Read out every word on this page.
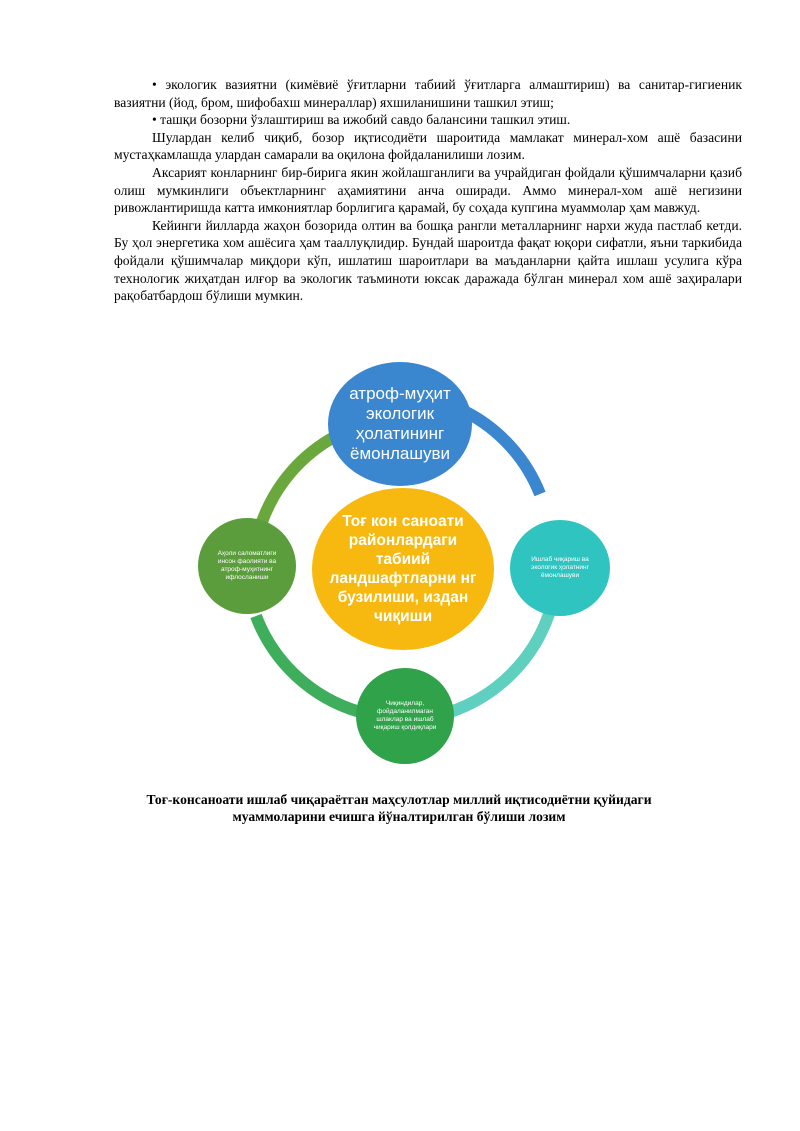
• экологик вазиятни (кимёвиё ўғитларни табиий ўғитларга алмаштириш) ва санитар-гигиеник вазиятни (йод, бром, шифобахш минераллар) яхшиланишини ташкил этиш;

• ташқи бозорни ўзлаштириш ва ижобий савдо балансини ташкил этиш.

Шулардан келиб чиқиб, бозор иқтисодиёти шароитида мамлакат минерал-хом ашё базасини мустаҳкамлашда улардан самарали ва оқилона фойдаланилиши лозим.

Аксарият конларнинг бир-бирига якин жойлашганлиги ва учрайдиган фойдали қўшимчаларни қазиб олиш мумкинлиги объектларнинг аҳамиятини анча оширади. Аммо минерал-хом ашё негизини ривожлантиришда катта имкониятлар борлигига қарамай, бу соҳада купгина муаммолар ҳам мавжуд.

Кейинги йилларда жаҳон бозорида олтин ва бошқа рангли металларнинг нархи жуда пастлаб кетди. Бу ҳол энергетика хом ашёсига ҳам тааллуқлидир. Бундай шароитда фақат юқори сифатли, яъни таркибида фойдали қўшимчалар миқдори кўп, ишлатиш шароитлари ва маъданларни қайта ишлаш усулига кўра технологик жиҳатдан илғор ва экологик таъминоти юксак даражада бўлган минерал хом ашё заҳиралари рақобатбардош бўлиши мумкин.

атроф-муҳит экологик ҳолатининг ёмонлашуви
Тоғ кон саноати районлардаги табиий ландшафтларни нг бузилиши, издан чиқиши
Аҳоли саломатлиги инсон фаолияти ва атроф-муҳитнинг ифлосланиши
Ишлаб чиқариш ва экологик ҳолатнинг ёмонлашуви
Чиқиндилар, фойдаланилмаган шлаклар ва ишлаб чиқариш қолдиқлари
Тоғ-консаноати ишлаб чиқараётган маҳсулотлар миллий иқтисодиётни қуйидаги муаммоларини ечишга йўналтирилган бўлиши лозим
